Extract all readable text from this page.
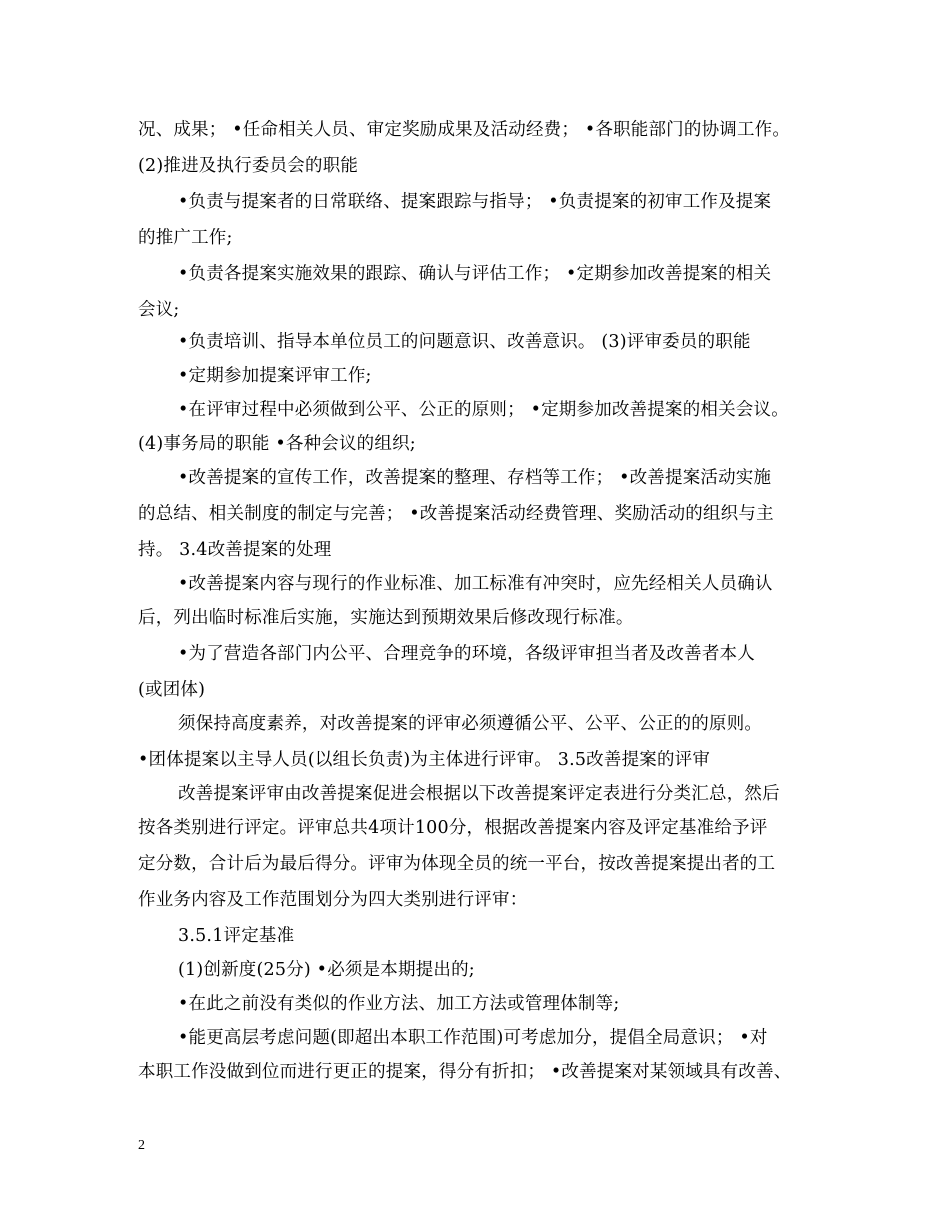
况、成果； •任命相关人员、审定奖励成果及活动经费； •各职能部门的协调工作。
(2)推进及执行委员会的职能
•负责与提案者的日常联络、提案跟踪与指导； •负责提案的初审工作及提案
的推广工作;
•负责各提案实施效果的跟踪、确认与评估工作； •定期参加改善提案的相关
会议;
•负责培训、指导本单位员工的问题意识、改善意识。 (3)评审委员的职能
•定期参加提案评审工作;
•在评审过程中必须做到公平、公正的原则； •定期参加改善提案的相关会议。
(4)事务局的职能 •各种会议的组织;
•改善提案的宣传工作，改善提案的整理、存档等工作； •改善提案活动实施
的总结、相关制度的制定与完善； •改善提案活动经费管理、奖励活动的组织与主
持。 3.4改善提案的处理
•改善提案内容与现行的作业标准、加工标准有冲突时，应先经相关人员确认
后，列出临时标准后实施，实施达到预期效果后修改现行标准。
•为了营造各部门内公平、合理竞争的环境，各级评审担当者及改善者本人
(或团体)
须保持高度素养，对改善提案的评审必须遵循公平、公平、公正的的原则。
•团体提案以主导人员(以组长负责)为主体进行评审。 3.5改善提案的评审
改善提案评审由改善提案促进会根据以下改善提案评定表进行分类汇总，然后
按各类别进行评定。评审总共4项计100分，根据改善提案内容及评定基准给予评
定分数，合计后为最后得分。评审为体现全员的统一平台，按改善提案提出者的工
作业务内容及工作范围划分为四大类别进行评审：
3.5.1评定基准
(1)创新度(25分) •必须是本期提出的;
•在此之前没有类似的作业方法、加工方法或管理体制等;
•能更高层考虑问题(即超出本职工作范围)可考虑加分，提倡全局意识； •对
本职工作没做到位而进行更正的提案，得分有折扣； •改善提案对某领域具有改善、
2
